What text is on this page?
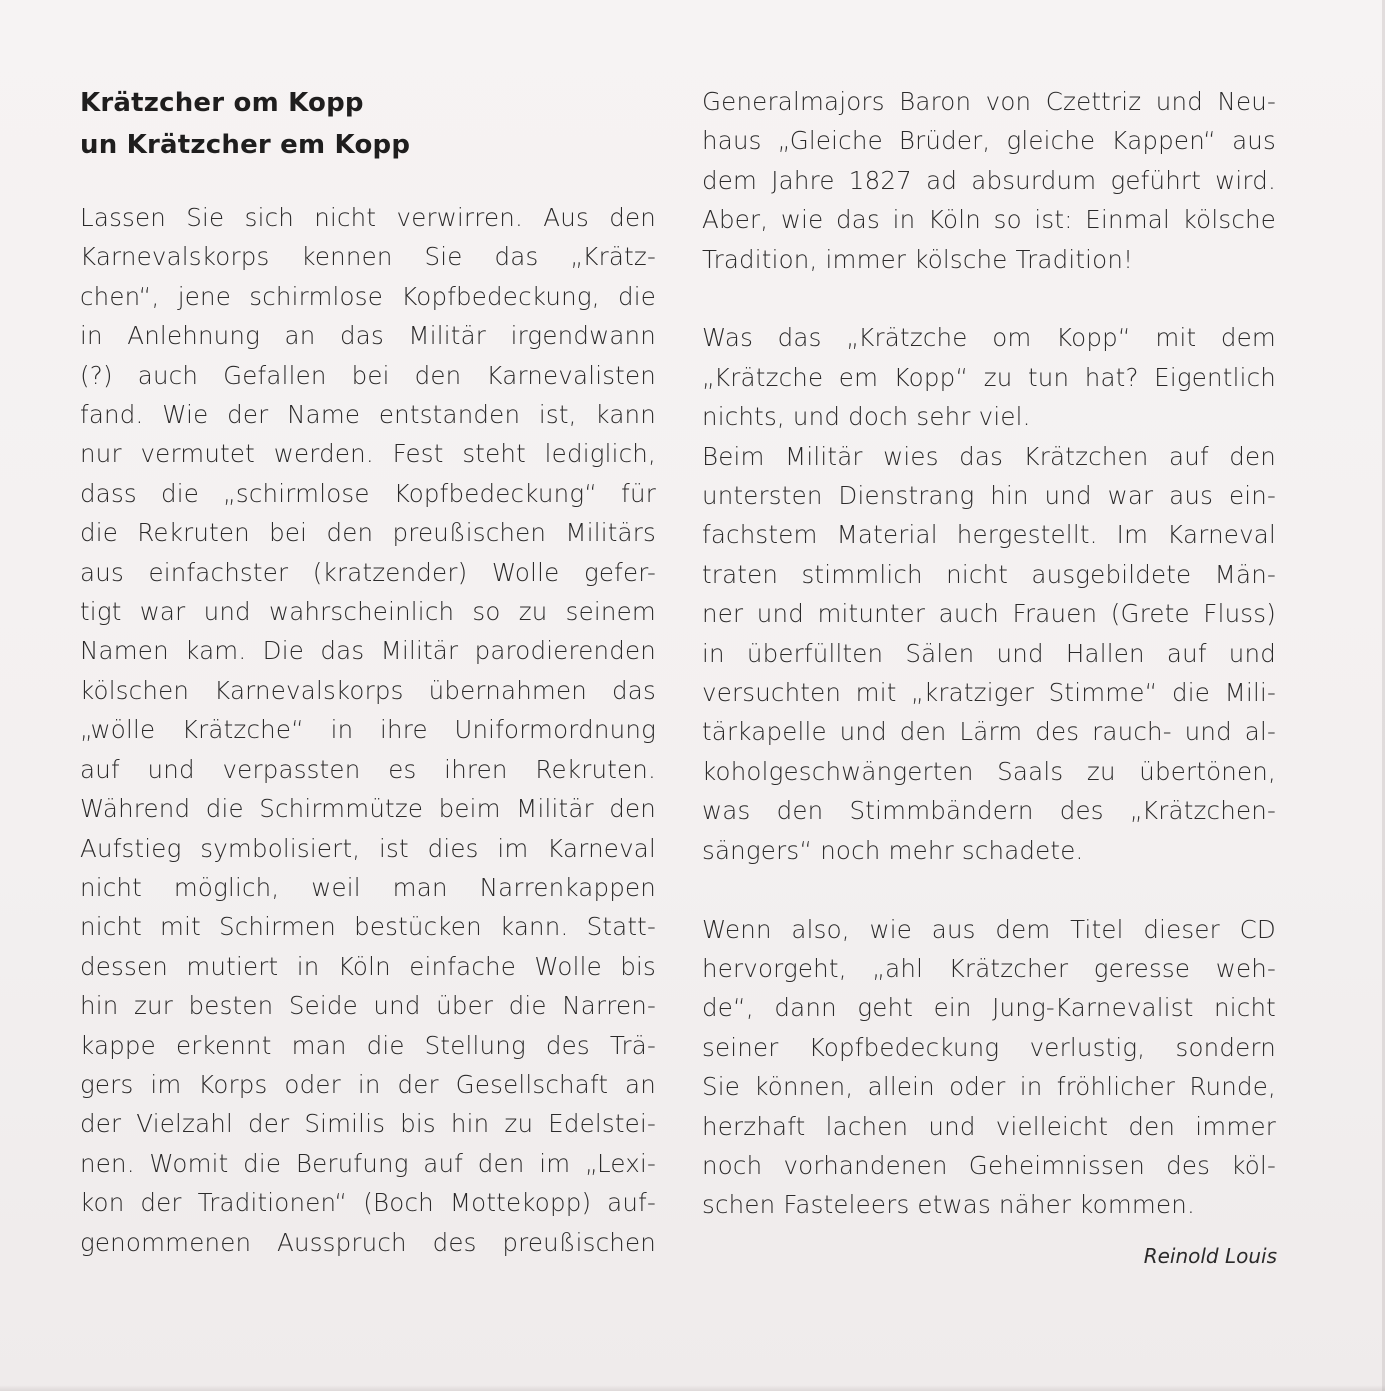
Krätzcher om Kopp
un Krätzcher em Kopp

Lassen Sie sich nicht verwirren. Aus den
Karnevalskorps kennen Sie das „Krätz-
chen“, jene schirmlose Kopfbedeckung, die
in Anlehnung an das Militär irgendwann
(?) auch Gefallen bei den Karnevalisten
fand. Wie der Name entstanden ist, kann
nur vermutet werden. Fest steht lediglich,
dass die „schirmlose Kopfbedeckung“ für
die Rekruten bei den preußischen Militärs
aus einfachster (kratzender) Wolle gefer-
tigt war und wahrscheinlich so zu seinem
Namen kam. Die das Militär parodierenden
kölschen Karnevalskorps übernahmen das
„wölle Krätzche“ in ihre Uniformordnung
auf und verpassten es ihren Rekruten.
Während die Schirmmütze beim Militär den
Aufstieg symbolisiert, ist dies im Karneval
nicht möglich, weil man Narrenkappen
nicht mit Schirmen bestücken kann. Statt-
dessen mutiert in Köln einfache Wolle bis
hin zur besten Seide und über die Narren-
kappe erkennt man die Stellung des Trä-
gers im Korps oder in der Gesellschaft an
der Vielzahl der Similis bis hin zu Edelstei-
nen. Womit die Berufung auf den im „Lexi-
kon der Traditionen“ (Boch Mottekopp) auf-
genommenen Ausspruch des preußischen

Generalmajors Baron von Czettriz und Neu-
haus „Gleiche Brüder, gleiche Kappen“ aus
dem Jahre 1827 ad absurdum geführt wird.
Aber, wie das in Köln so ist: Einmal kölsche
Tradition, immer kölsche Tradition!

Was das „Krätzche om Kopp“ mit dem
„Krätzche em Kopp“ zu tun hat? Eigentlich
nichts, und doch sehr viel.
Beim Militär wies das Krätzchen auf den
untersten Dienstrang hin und war aus ein-
fachstem Material hergestellt. Im Karneval
traten stimmlich nicht ausgebildete Män-
ner und mitunter auch Frauen (Grete Fluss)
in überfüllten Sälen und Hallen auf und
versuchten mit „kratziger Stimme“ die Mili-
tärkapelle und den Lärm des rauch- und al-
koholgeschwängerten Saals zu übertönen,
was den Stimmbändern des „Krätzchen-
sängers“ noch mehr schadete.

Wenn also, wie aus dem Titel dieser CD
hervorgeht, „ahl Krätzcher geresse weh-
de“, dann geht ein Jung-Karnevalist nicht
seiner Kopfbedeckung verlustig, sondern
Sie können, allein oder in fröhlicher Runde,
herzhaft lachen und vielleicht den immer
noch vorhandenen Geheimnissen des köl-
schen Fasteleers etwas näher kommen.

Reinold Louis
